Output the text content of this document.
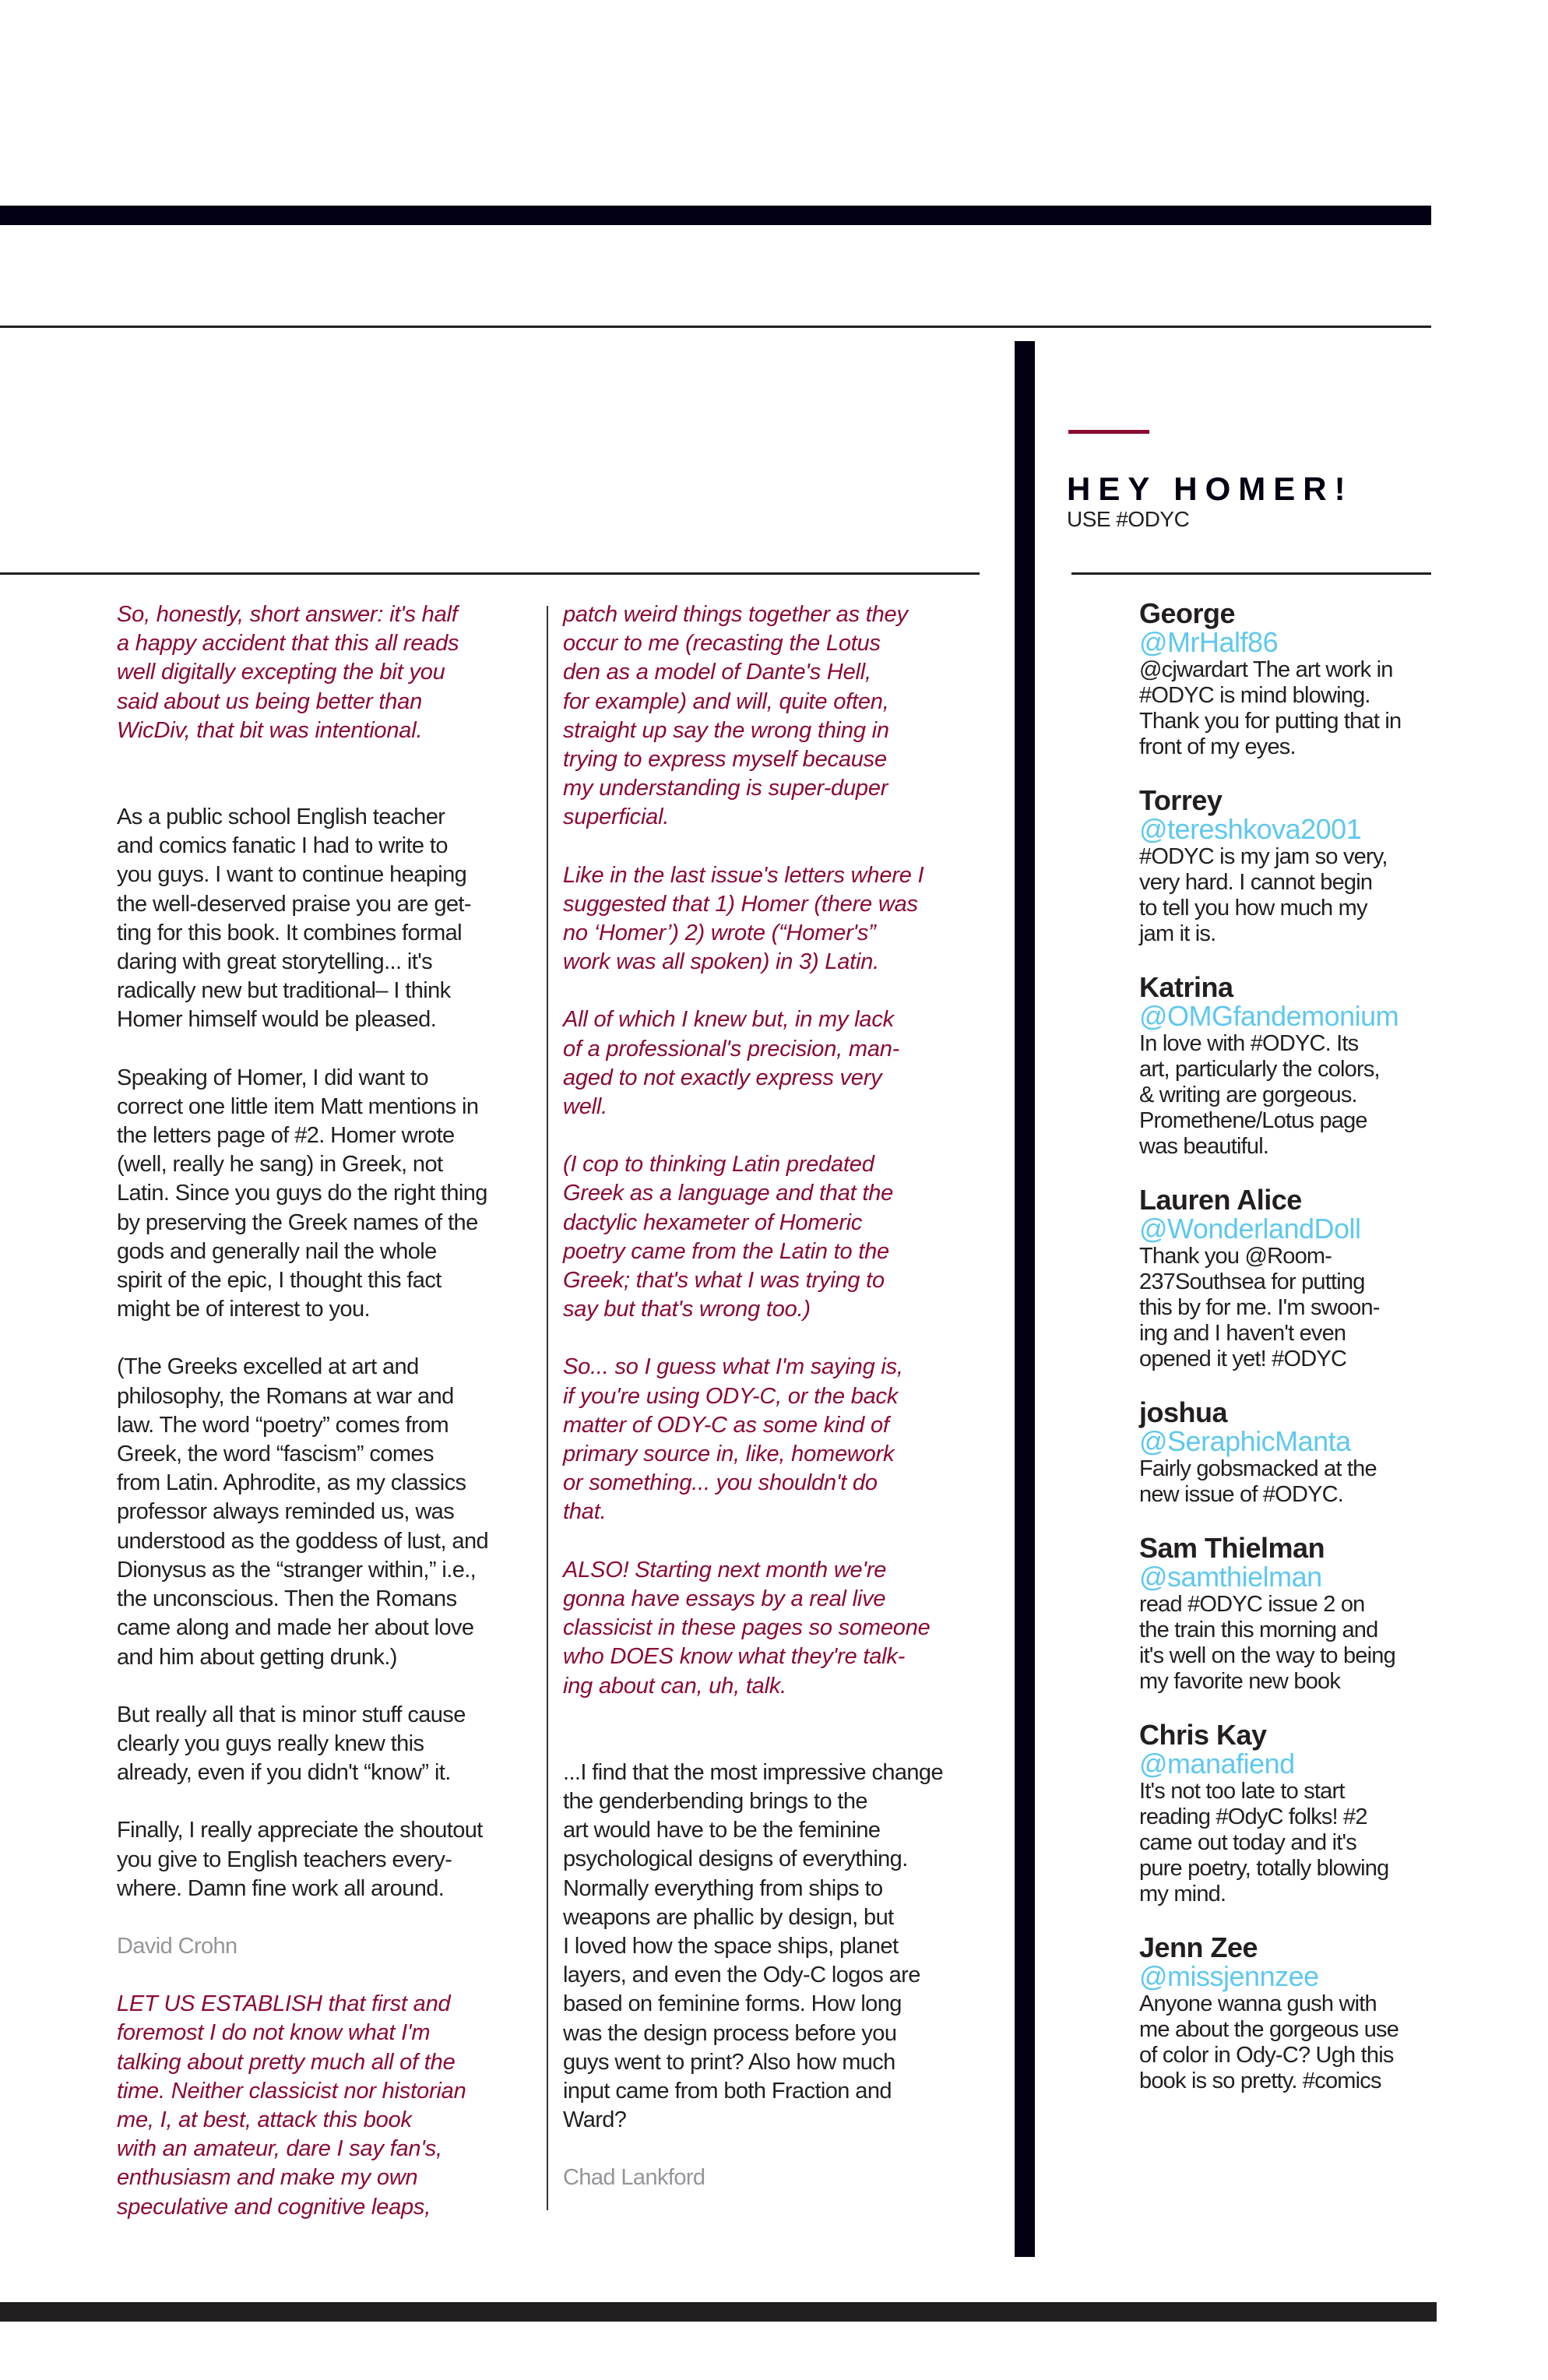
HEY HOMER!
USE #ODYC
So, honestly, short answer: it's half
a happy accident that this all reads
well digitally excepting the bit you
said about us being better than
WicDiv, that bit was intentional.
As a public school English teacher
and comics fanatic I had to write to
you guys. I want to continue heaping
the well-deserved praise you are get-
ting for this book. It combines formal
daring with great storytelling... it's
radically new but traditional– I think
Homer himself would be pleased.
Speaking of Homer, I did want to
correct one little item Matt mentions in
the letters page of #2. Homer wrote
(well, really he sang) in Greek, not
Latin. Since you guys do the right thing
by preserving the Greek names of the
gods and generally nail the whole
spirit of the epic, I thought this fact
might be of interest to you.
(The Greeks excelled at art and
philosophy, the Romans at war and
law. The word “poetry” comes from
Greek, the word “fascism” comes
from Latin. Aphrodite, as my classics
professor always reminded us, was
understood as the goddess of lust, and
Dionysus as the “stranger within,” i.e.,
the unconscious. Then the Romans
came along and made her about love
and him about getting drunk.)
But really all that is minor stuff cause
clearly you guys really knew this
already, even if you didn't “know” it.
Finally, I really appreciate the shoutout
you give to English teachers every-
where. Damn fine work all around.
David Crohn
LET US ESTABLISH that first and
foremost I do not know what I'm
talking about pretty much all of the
time. Neither classicist nor historian
me, I, at best, attack this book
with an amateur, dare I say fan's,
enthusiasm and make my own
speculative and cognitive leaps,
patch weird things together as they
occur to me (recasting the Lotus
den as a model of Dante's Hell,
for example) and will, quite often,
straight up say the wrong thing in
trying to express myself because
my understanding is super-duper
superficial.
Like in the last issue's letters where I
suggested that 1) Homer (there was
no ‘Homer’) 2) wrote (“Homer's”
work was all spoken) in 3) Latin.
All of which I knew but, in my lack
of a professional's precision, man-
aged to not exactly express very
well.
(I cop to thinking Latin predated
Greek as a language and that the
dactylic hexameter of Homeric
poetry came from the Latin to the
Greek; that's what I was trying to
say but that's wrong too.)
So... so I guess what I'm saying is,
if you're using ODY-C, or the back
matter of ODY-C as some kind of
primary source in, like, homework
or something... you shouldn't do
that.
ALSO! Starting next month we're
gonna have essays by a real live
classicist in these pages so someone
who DOES know what they're talk-
ing about can, uh, talk.
...I find that the most impressive change
the genderbending brings to the
art would have to be the feminine
psychological designs of everything.
Normally everything from ships to
weapons are phallic by design, but
I loved how the space ships, planet
layers, and even the Ody-C logos are
based on feminine forms. How long
was the design process before you
guys went to print? Also how much
input came from both Fraction and
Ward?
Chad Lankford
George
@MrHalf86
@cjwardart The art work in
#ODYC is mind blowing.
Thank you for putting that in
front of my eyes.
Torrey
@tereshkova2001
#ODYC is my jam so very,
very hard. I cannot begin
to tell you how much my
jam it is.
Katrina
@OMGfandemonium
In love with #ODYC. Its
art, particularly the colors,
& writing are gorgeous.
Promethene/Lotus page
was beautiful.
Lauren Alice
@WonderlandDoll
Thank you @Room-
237Southsea for putting
this by for me. I'm swoon-
ing and I haven't even
opened it yet! #ODYC
joshua
@SeraphicManta
Fairly gobsmacked at the
new issue of #ODYC.
Sam Thielman
@samthielman
read #ODYC issue 2 on
the train this morning and
it's well on the way to being
my favorite new book
Chris Kay
@manafiend
It's not too late to start
reading #OdyC folks! #2
came out today and it's
pure poetry, totally blowing
my mind.
Jenn Zee
@missjennzee
Anyone wanna gush with
me about the gorgeous use
of color in Ody-C? Ugh this
book is so pretty. #comics
